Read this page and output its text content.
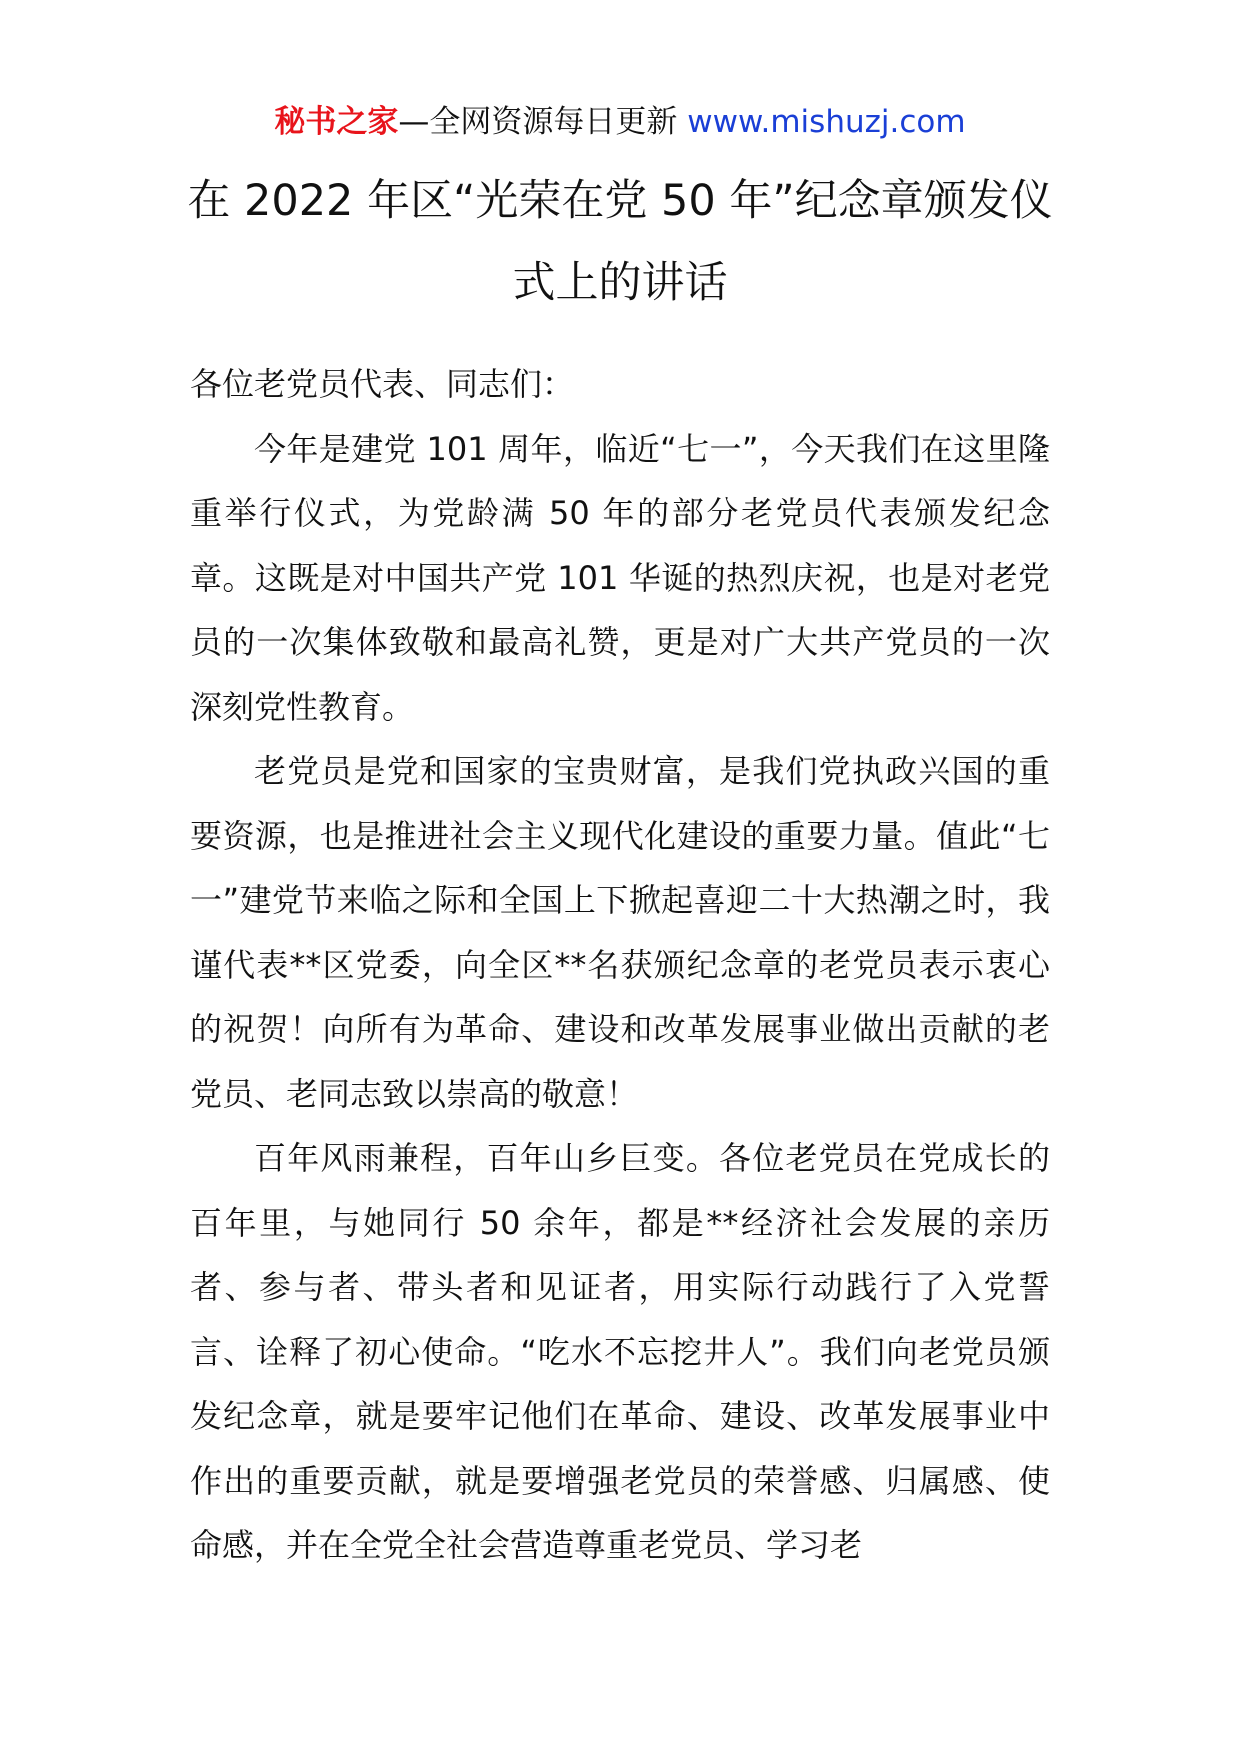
秘书之家—全网资源每日更新 www.mishuzj.com
在 2022 年区“光荣在党 50 年”纪念章颁发仪式上的讲话

各位老党员代表、同志们：

今年是建党 101 周年，临近“七一”，今天我们在这里隆重举行仪式，为党龄满 50 年的部分老党员代表颁发纪念章。这既是对中国共产党 101 华诞的热烈庆祝，也是对老党员的一次集体致敬和最高礼赞，更是对广大共产党员的一次深刻党性教育。

老党员是党和国家的宝贵财富，是我们党执政兴国的重要资源，也是推进社会主义现代化建设的重要力量。值此“七一”建党节来临之际和全国上下掀起喜迎二十大热潮之时，我谨代表**区党委，向全区**名获颁纪念章的老党员表示衷心的祝贺！向所有为革命、建设和改革发展事业做出贡献的老党员、老同志致以崇高的敬意！

百年风雨兼程，百年山乡巨变。各位老党员在党成长的百年里，与她同行 50 余年，都是**经济社会发展的亲历者、参与者、带头者和见证者，用实际行动践行了入党誓言、诠释了初心使命。“吃水不忘挖井人”。我们向老党员颁发纪念章，就是要牢记他们在革命、建设、改革发展事业中作出的重要贡献，就是要增强老党员的荣誉感、归属感、使命感，并在全党全社会营造尊重老党员、学习老
